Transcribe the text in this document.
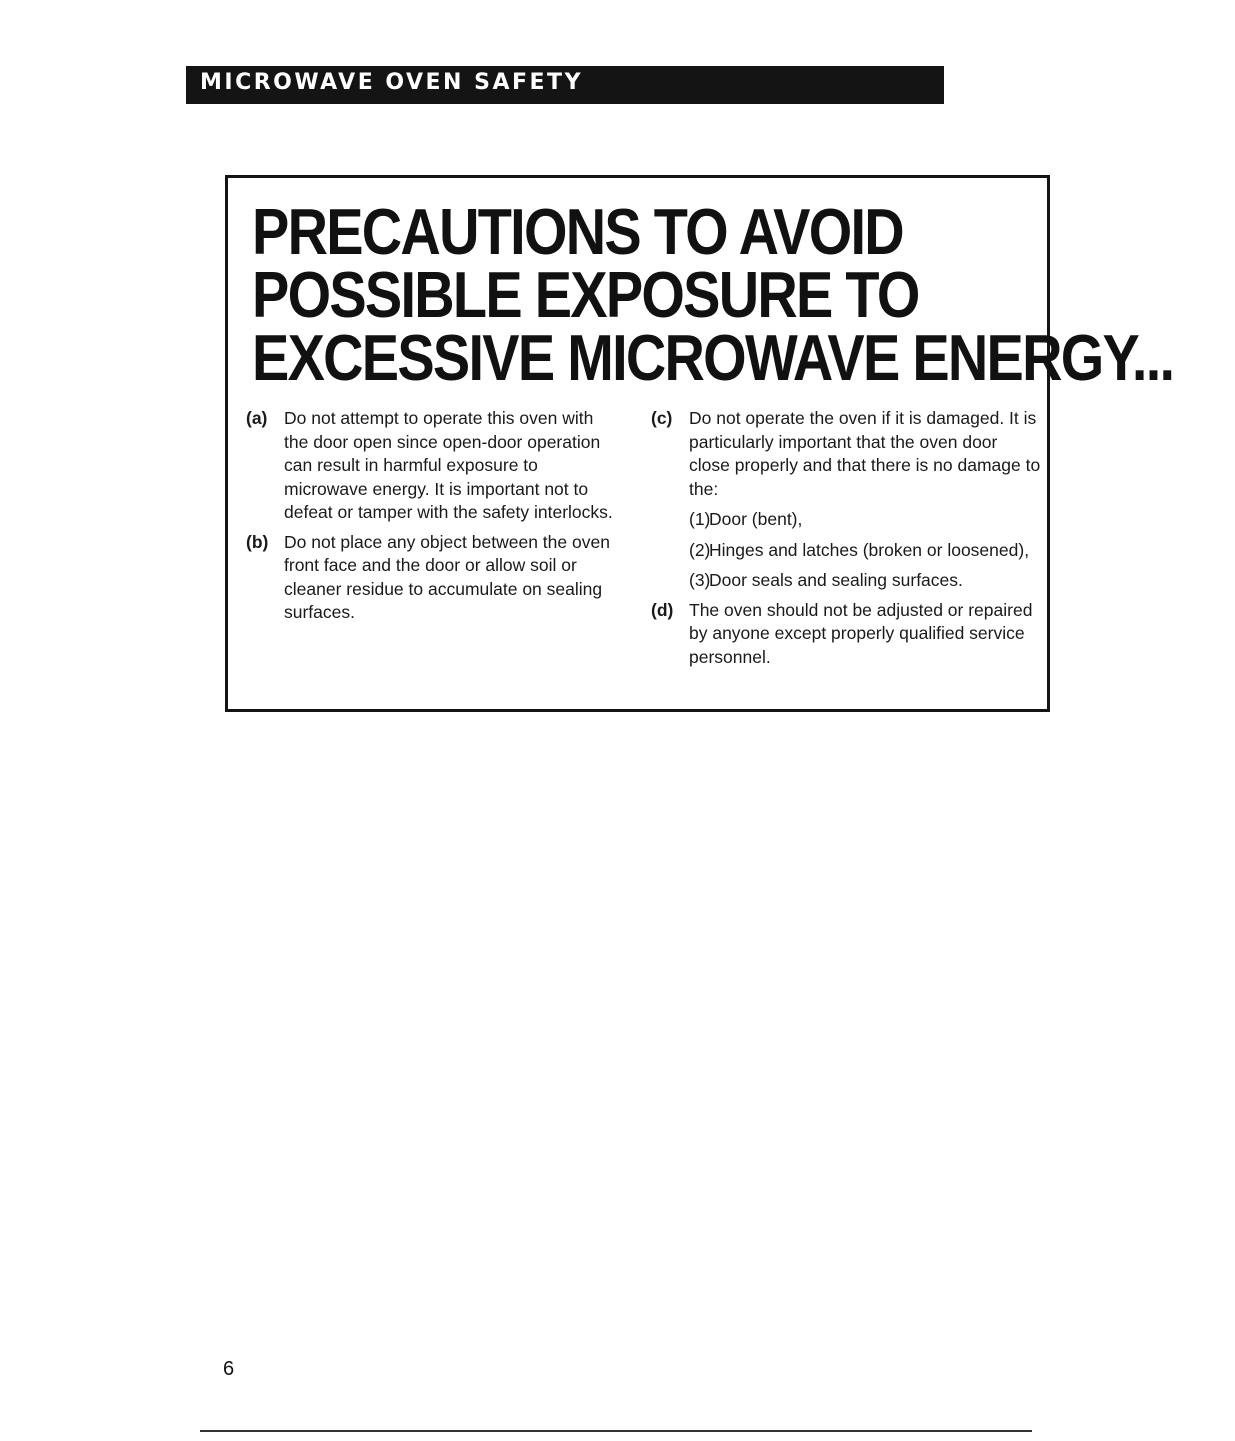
MICROWAVE OVEN SAFETY
PRECAUTIONS TO AVOID
POSSIBLE EXPOSURE TO
EXCESSIVE MICROWAVE ENERGY...
(a) Do not attempt to operate this oven with the door open since open-door operation can result in harmful exposure to microwave energy. It is important not to defeat or tamper with the safety interlocks.
(b) Do not place any object between the oven front face and the door or allow soil or cleaner residue to accumulate on sealing surfaces.
(c) Do not operate the oven if it is damaged. It is particularly important that the oven door close properly and that there is no damage to the:
(1)
Door (bent),
(2)
Hinges and latches (broken or loosened),
(3)
Door seals and sealing surfaces.
(d) The oven should not be adjusted or repaired by anyone except properly qualified service personnel.
6
